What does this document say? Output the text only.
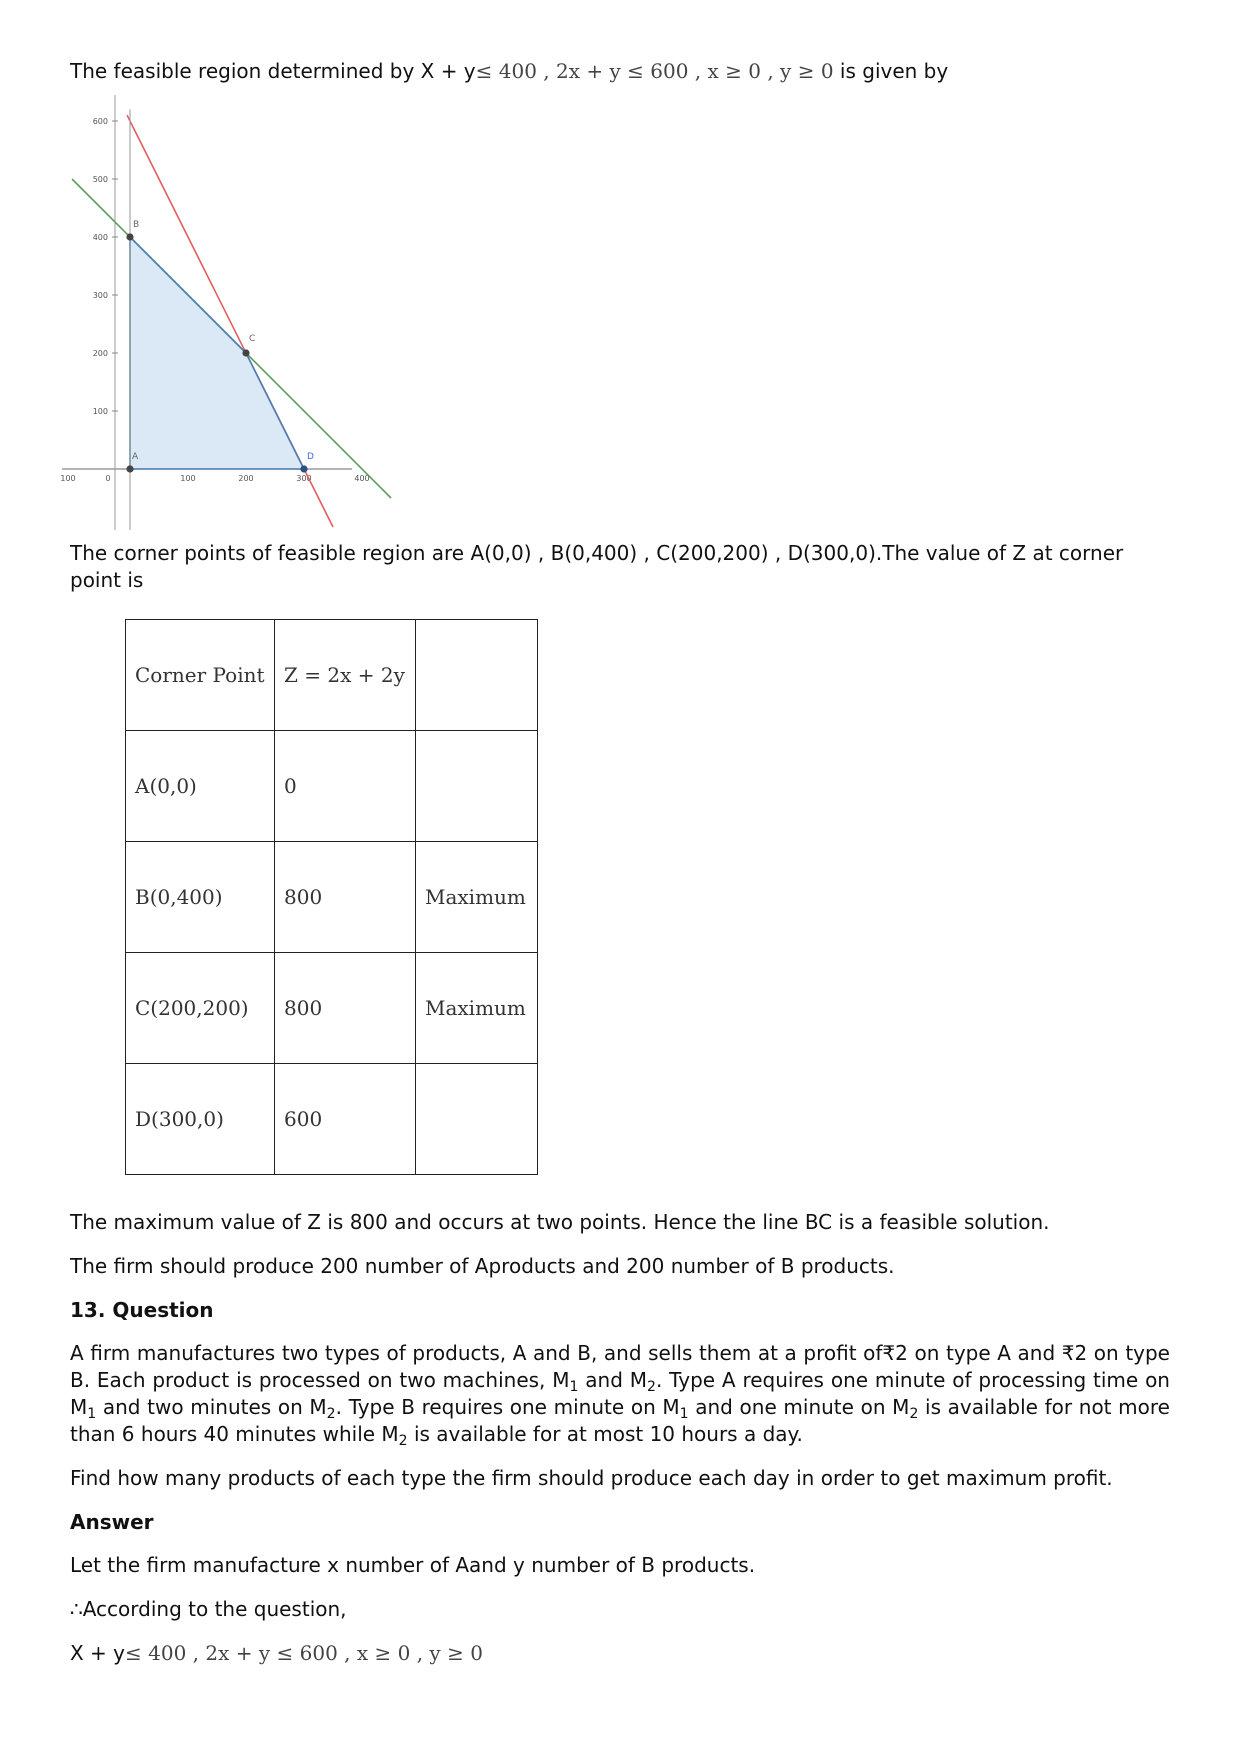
The feasible region determined by X + y≤ 400 , 2x + y ≤ 600 , x ≥ 0 , y ≥ 0 is given by

600
500
400
300
200
100
100	0	100	200	300	400
A
B
C
D

The corner points of feasible region are A(0,0) , B(0,400) , C(200,200) , D(300,0).The value of Z at corner point is

Corner Point	Z = 2x + 2y	
A(0,0)	0	
B(0,400)	800	Maximum
C(200,200)	800	Maximum
D(300,0)	600	

The maximum value of Z is 800 and occurs at two points. Hence the line BC is a feasible solution.

The firm should produce 200 number of Aproducts and 200 number of B products.

13. Question

A firm manufactures two types of products, A and B, and sells them at a profit of₹2 on type A and ₹2 on type B. Each product is processed on two machines, $M_1$ and $M_2$. Type A requires one minute of processing time on $M_1$ and two minutes on $M_2$. Type B requires one minute on $M_1$ and one minute on $M_2$ is available for not more than 6 hours 40 minutes while $M_2$ is available for at most 10 hours a day.

Find how many products of each type the firm should produce each day in order to get maximum profit.

Answer

Let the firm manufacture x number of Aand y number of B products.

∴According to the question,

X + y≤ 400 , 2x + y ≤ 600 , x ≥ 0 , y ≥ 0
